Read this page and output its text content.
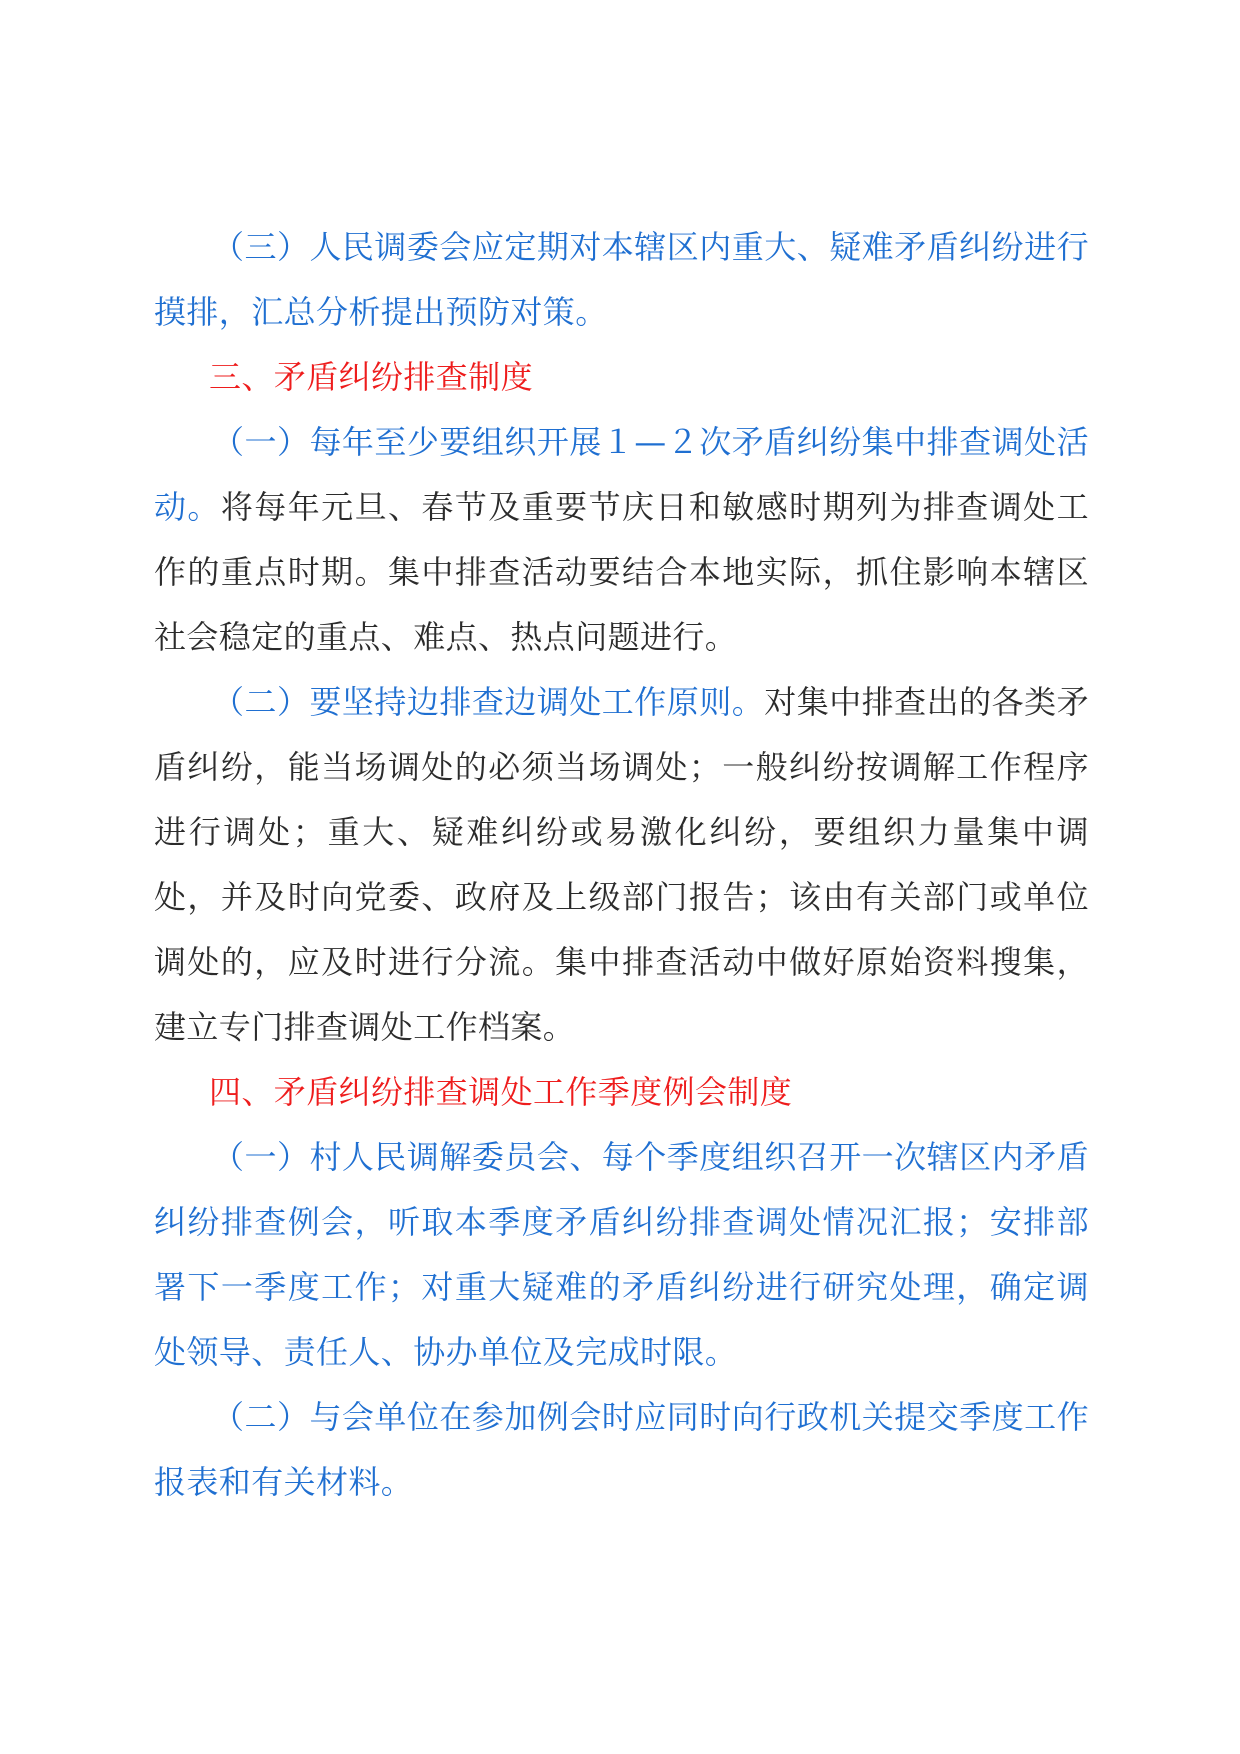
（三）人民调委会应定期对本辖区内重大、疑难矛盾纠纷进行摸排，汇总分析提出预防对策。

三、矛盾纠纷排查制度

（一）每年至少要组织开展１—２次矛盾纠纷集中排查调处活动。将每年元旦、春节及重要节庆日和敏感时期列为排查调处工作的重点时期。集中排查活动要结合本地实际，抓住影响本辖区社会稳定的重点、难点、热点问题进行。

（二）要坚持边排查边调处工作原则。对集中排查出的各类矛盾纠纷，能当场调处的必须当场调处；一般纠纷按调解工作程序进行调处；重大、疑难纠纷或易激化纠纷，要组织力量集中调处，并及时向党委、政府及上级部门报告；该由有关部门或单位调处的，应及时进行分流。集中排查活动中做好原始资料搜集，建立专门排查调处工作档案。

四、矛盾纠纷排查调处工作季度例会制度

（一）村人民调解委员会、每个季度组织召开一次辖区内矛盾纠纷排查例会，听取本季度矛盾纠纷排查调处情况汇报；安排部署下一季度工作；对重大疑难的矛盾纠纷进行研究处理，确定调处领导、责任人、协办单位及完成时限。

（二）与会单位在参加例会时应同时向行政机关提交季度工作报表和有关材料。
